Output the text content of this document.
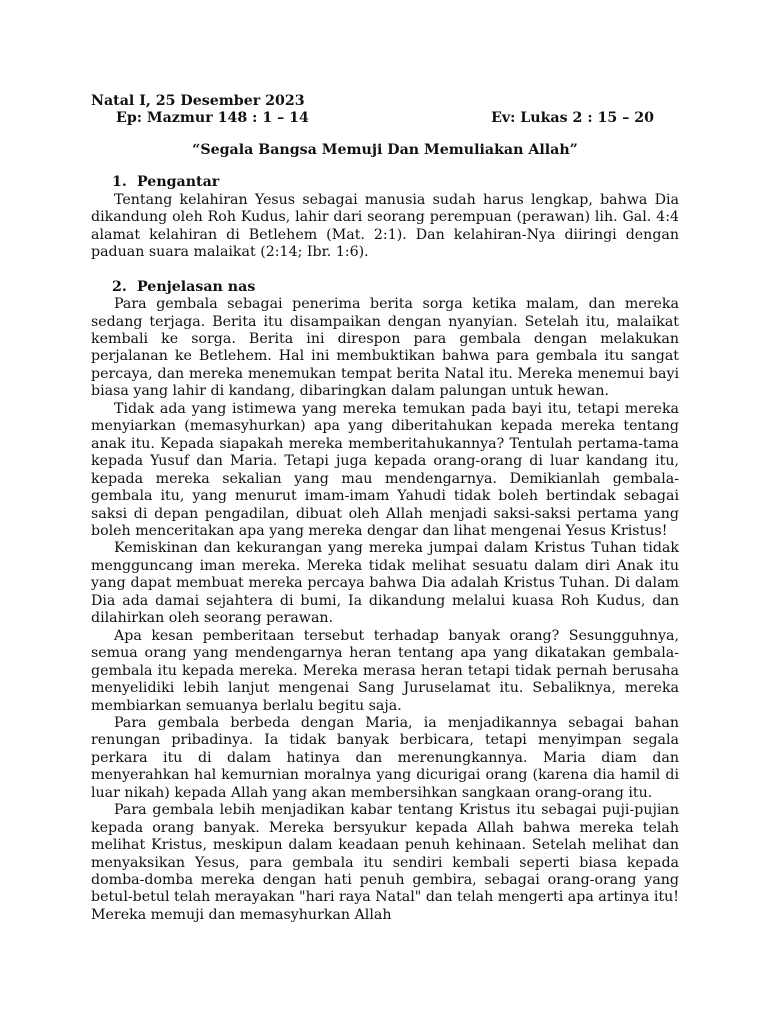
Natal I, 25 Desember 2023
Ep: Mazmur 148 : 1 – 14	Ev: Lukas 2 : 15 – 20
“Segala Bangsa Memuji Dan Memuliakan Allah”
1. Pengantar

Tentang kelahiran Yesus sebagai manusia sudah harus lengkap, bahwa Dia dikandung oleh Roh Kudus, lahir dari seorang perempuan (perawan) lih. Gal. 4:4 alamat kelahiran di Betlehem (Mat. 2:1). Dan kelahiran-Nya diiringi dengan paduan suara malaikat (2:14; Ibr. 1:6).

2. Penjelasan nas

Para gembala sebagai penerima berita sorga ketika malam, dan mereka sedang terjaga. Berita itu disampaikan dengan nyanyian. Setelah itu, malaikat kembali ke sorga. Berita ini direspon para gembala dengan melakukan perjalanan ke Betlehem. Hal ini membuktikan bahwa para gembala itu sangat percaya, dan mereka menemukan tempat berita Natal itu. Mereka menemui bayi biasa yang lahir di kandang, dibaringkan dalam palungan untuk hewan.

Tidak ada yang istimewa yang mereka temukan pada bayi itu, tetapi mereka menyiarkan (memasyhurkan) apa yang diberitahukan kepada mereka tentang anak itu. Kepada siapakah mereka memberitahukannya? Tentulah pertama-tama kepada Yusuf dan Maria. Tetapi juga kepada orang-orang di luar kandang itu, kepada mereka sekalian yang mau mendengarnya. Demikianlah gembala-gembala itu, yang menurut imam-imam Yahudi tidak boleh bertindak sebagai saksi di depan pengadilan, dibuat oleh Allah menjadi saksi-saksi pertama yang boleh menceritakan apa yang mereka dengar dan lihat mengenai Yesus Kristus!

Kemiskinan dan kekurangan yang mereka jumpai dalam Kristus Tuhan tidak mengguncang iman mereka. Mereka tidak melihat sesuatu dalam diri Anak itu yang dapat membuat mereka percaya bahwa Dia adalah Kristus Tuhan. Di dalam Dia ada damai sejahtera di bumi, Ia dikandung melalui kuasa Roh Kudus, dan dilahirkan oleh seorang perawan.

Apa kesan pemberitaan tersebut terhadap banyak orang? Sesungguhnya, semua orang yang mendengarnya heran tentang apa yang dikatakan gembala-gembala itu kepada mereka. Mereka merasa heran tetapi tidak pernah berusaha menyelidiki lebih lanjut mengenai Sang Juruselamat itu. Sebaliknya, mereka membiarkan semuanya berlalu begitu saja.

Para gembala berbeda dengan Maria, ia menjadikannya sebagai bahan renungan pribadinya. Ia tidak banyak berbicara, tetapi menyimpan segala perkara itu di dalam hatinya dan merenungkannya. Maria diam dan menyerahkan hal kemurnian moralnya yang dicurigai orang (karena dia hamil di luar nikah) kepada Allah yang akan membersihkan sangkaan orang-orang itu.

Para gembala lebih menjadikan kabar tentang Kristus itu sebagai puji-pujian kepada orang banyak. Mereka bersyukur kepada Allah bahwa mereka telah melihat Kristus, meskipun dalam keadaan penuh kehinaan. Setelah melihat dan menyaksikan Yesus, para gembala itu sendiri kembali seperti biasa kepada domba-domba mereka dengan hati penuh gembira, sebagai orang-orang yang betul-betul telah merayakan "hari raya Natal" dan telah mengerti apa artinya itu! Mereka memuji dan memasyhurkan Allah
